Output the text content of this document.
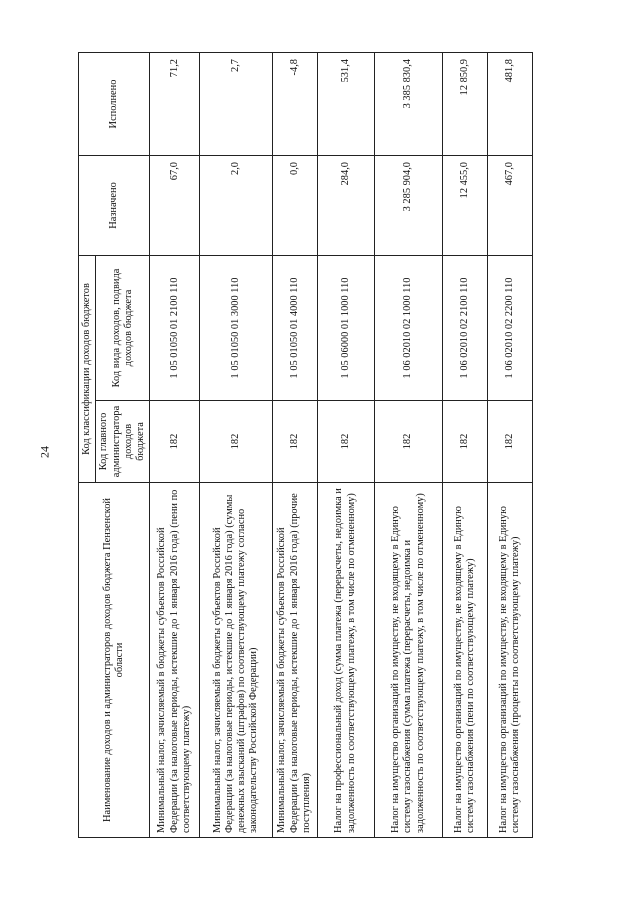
24
Наименование доходов и администраторов доходов бюджета Пензенской области	Код классификации доходов бюджетов		Назначено	Исполнено
	Код главного администратора доходов бюджета	Код вида доходов, подвида доходов бюджета		
Минимальный налог, зачисляемый в бюджеты субъектов Российской Федерации (за налоговые периоды, истекшие до 1 января 2016 года) (пени по соответствующему платежу)	182	1 05 01050 01 2100 110	67,0	71,2
Минимальный налог, зачисляемый в бюджеты субъектов Российской Федерации (за налоговые периоды, истекшие до 1 января 2016 года) (суммы денежных взысканий (штрафов) по соответствующему платежу согласно законодательству Российской Федерации)	182	1 05 01050 01 3000 110	2,0	2,7
Минимальный налог, зачисляемый в бюджеты субъектов Российской Федерации (за налоговые периоды, истекшие до 1 января 2016 года) (прочие поступления)	182	1 05 01050 01 4000 110	0,0	-4,8
Налог на профессиональный доход (сумма платежа (перерасчеты, недоимка и задолженность по соответствующему платежу, в том числе по отмененному)	182	1 05 06000 01 1000 110	284,0	531,4
Налог на имущество организаций по имуществу, не входящему в Единую систему газоснабжения (сумма платежа (перерасчеты, недоимка и задолженность по соответствующему платежу, в том числе по отмененному)	182	1 06 02010 02 1000 110	3 285 904,0	3 385 830,4
Налог на имущество организаций по имуществу, не входящему в Единую систему газоснабжения (пени по соответствующему платежу)	182	1 06 02010 02 2100 110	12 455,0	12 850,9
Налог на имущество организаций по имуществу, не входящему в Единую систему газоснабжения (проценты по соответствующему платежу)	182	1 06 02010 02 2200 110	467,0	481,8
